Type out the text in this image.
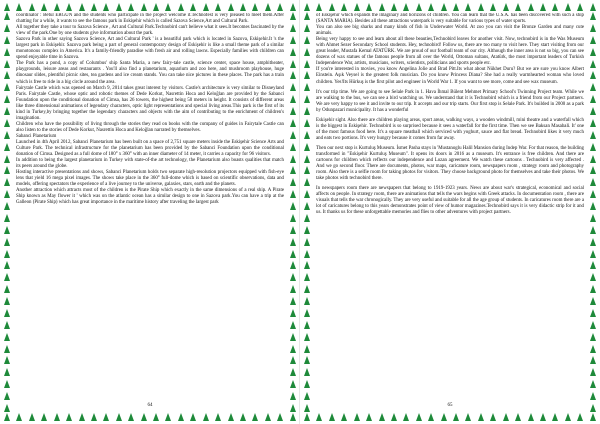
coordinator : Betül ERGÜN and the students who participate in the project welcome it.Technofest is very pleased to meet them.After chatting for a while, it wants to see the famous park in Eskişehir which is called Sazova Science,Art and Cultural Park.

All together they take a tour to Sazova Science , Art and Cultural Park.Technobird can't believe what it sees.It becomes fascinated by the view of the park.One by one students give information about the park.

Sazova Park in other saying Sazova Science, Art and Cultural Park ' is a beautiful park which is located in Sazova, Eskişehir.It 's the largest park in Eskişehir. Sazova park being a part of general contemporary design of Eskişehir is like a small theme park of a similar monotonous complex in America. It's a family-friendly paradise with fresh air and rolling lawns. Especially families with children can spend enjoyable time in Sazova.

The Park has a pond, a copy of Columbus' ship Santa Maria, a new fairy-tale castle, science center, space house, amphitheater, playgrounds, leisure areas and restaurants . You'll also find a planetarium, aquarium and zoo here, and mushroom playhouse, huge dinosaur slides, plentiful picnic sites, tea gardens and ice cream stands. You can take nice pictures in these places. The park has a train which is free to ride in a big circle around the area.

Fairytale Castle which was opened on March 9, 2014 takes great interest by visitors. Castle's architecture is very similar to Disneyland Paris. Fairytale Castle, whose optic and robotic themes of Dede Korkut, Nasrettin Hoca and Keloğlan are provided by the Sabanci Foundation upon the conditional donation of Cimsa, has 26 towers, the highest being 50 meters in height. It consists of different areas like three dimensional animations of legendary characters, optic light representations and special living areas.This park is the first of its kind in Turkey,by bringing together the legendary characters and objects with the aim of contributing to the enrichment of children's imagination.

Children who have the possibility of living through the stories they read on books with the company of guides in Fairytale Castle can also listen to the stories of Dede Korkut, Nasrettin Hoca and Keloğlan narrated by themselves.

Sabanci Planetarium

Launched in 4th April 2012, Sabanci Planetarium has been built on a space of 2,751 square meters inside the Eskişehir Science Arts and Culture Park. The technical infrastructure for the planetarium has been provided by the Sabanci Foundation upon the conditional donation of Cimsa. Designed as a full dome of 180° x 360° with an inner diameter of 14 meter, it carries a capacity for 96 visitors.

In addition to being the largest planetarium in Turkey with state-of-the art technology, the Planetarium also boasts qualities that match its peers around the globe.

Hosting interactive presentations and shows, Sabanci Planetarium holds two separate high-resolution projectors equipped with fish-eye lens that yield 16 mega pixel images. The shows take place in the 360° full-dome which is based on scientific observations, data and models, offering spectators the experience of a live journey to the universe, galaxies, stars, earth and the planets.

Another attraction which attracts most of the children is the Pirate Ship which exactly in the same dimensions of a real ship. A Pirate Ship known as May flower it ' which was on the atlantic ocean has a similar design to one in Sazova park.You can have a trip at the Galleon (Pirate Ship) which has great importance in the maritime history after traveling the largest park

64

of Eskişehir which expands the imaginary and horizons of children. You can learn that the U.S.A. has been discovered with such a ship (SANTA MARIA). Besides all these attractions waterpark is very suitable for various types of water sports.

You can also see big sharks and many kinds of fish in Underwater World. At zoo you can visit the Bronze Garden and many cute animals.

Being very happy to see and learn about all these beauties,Technobird leaves for another visit. Now, technobird is in the Was Museum with Ahmet Sezer Secondary School students. Hey, technobird! Follow us, there are too many to visit here. They start visiting from our great leader, Mustafa Kemal ATATÜRK. We are proud of our football team of our city. Although the inner area is not so big, you can see dozens of wax statues of the famous people from all over the World, Ottoman sultans, Atatürk, the most important leaders of Turkish Independence War, artists, musicians, writers, scientists, politicians and sports people etc.

If you're interested in movies, you know Angelina Jolie and Brad Pitt.Its what about Nükhet Duru? But we are sure you know Albert Einstein. Aşık Veysel is the greatest folk musician. Do you know Princess Diana? She had a really warmhearted woman who loved children. Yes!Its Hürkuş is the first pilot and engineer in World War 1. If you want to see more, come and see wax museum.

It's our trip time. We are going to see Selale Park in 1. Hava İhmal Bülent Mehmet Primary School's Twinning Project team. While we are walking to the bus, we can see a bird watching us. We understand that it is Technobird which is a friend from our Project partners. We are very happy to see it and invite to our trip. It accepts and our trip starts. Our first stop is Selale Park. It's builded in 2000 as a park by Odunpazari municipality. It has a wonderful

Eskişehir sight. Also there are children playing areas, sport areas, walking ways, a wooden windmill, mini theatre and a waterfall which is the biggest in Eskişehir. Technobird is so surprised because it sees a waterfall for the first time. Then we see Baksan Masabali. It' one of the most famous food here. It's a square meatball which serviced with yoghurt, sauce and flat bread. Technobird likes it very much and eats two portions. It's very hungry because it comes from far away.

Then our next stop is Kurtuluş Museum. İsmet Pasha stays in 'Mustanoglu Halil Mansion during Indep War. For that reason, the building transformed in "Eskişehir Kurtuluş Museum". It opens its doors in 2016 as a museum. It's entrance is free children. And there are cartoons for children which reflects our independence and Lozan agreement. We watch these cartoons . Technobird is very affected . And we go second floor. There are documents, photos, war maps, caricature room, newspapers room , strategy room and photography room. Also there is a selfie room for taking photos for visitors. They choose background photo for themselves and take their photos. We take photos with technobird there.

In newspapers room there are newspapers that belong to 1919-1923 years. News are about war's strategical, economical and social affects on people. In strategy room, there are animations that tells the wars begins with Greek attacks. In documentation room , there are visuals that tells the war chronogically. They are very useful and suitable for all the age group of students. In caricatures room there are a lot of caricatures belong to this years demonstrates point of view of humor magazines.Technobird says it is very didactic strip for it and us. It thanks us for these unforgettable memories and flies to other adventures with project partners.

65
